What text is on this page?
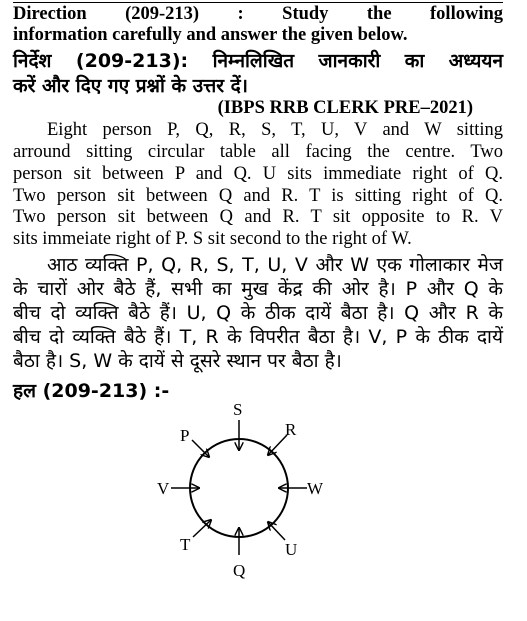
Direction (209-213) : Study the following
information carefully and answer the given below.
निर्देश (209-213): निम्नलिखित जानकारी का अध्ययन
करें और दिए गए प्रश्नों के उत्तर दें।
(IBPS RRB CLERK PRE–2021)
Eight person P, Q, R, S, T, U, V and W sitting
arround sitting circular table all facing the centre. Two
person sit between P and Q. U sits immediate right of Q.
Two person sit between Q and R. T is sitting right of Q.
Two person sit between Q and R. T sit opposite to R. V
sits immeiate right of P. S sit second to the right of W.
आठ व्यक्ति P, Q, R, S, T, U, V और W एक गोलाकार मेज
के चारों ओर बैठे हैं, सभी का मुख केंद्र की ओर है। P और Q के
बीच दो व्यक्ति बैठे हैं। U, Q के ठीक दायें बैठा है। Q और R के
बीच दो व्यक्ति बैठे हैं। T, R के विपरीत बैठा है। V, P के ठीक दायें
बैठा है। S, W के दायें से दूसरे स्थान पर बैठा है।
हल (209-213) :-
S
R
W
U
Q
T
V
P
